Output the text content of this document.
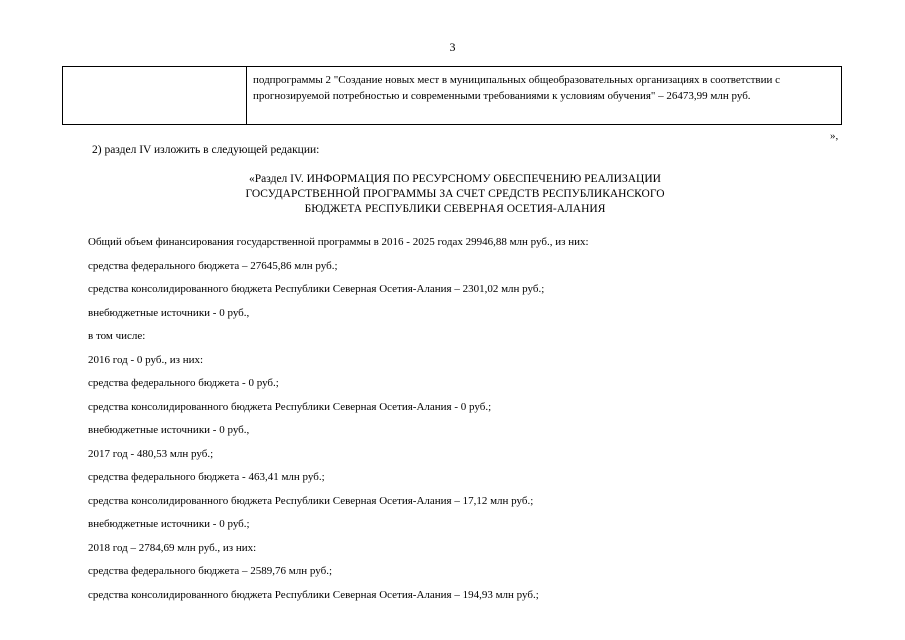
3
	подпрограммы 2 "Создание новых мест в муниципальных общеобразовательных организациях в соответствии с прогнозируемой потребностью и современными требованиями к условиям обучения" – 26473,99 млн руб.
»,
2) раздел IV изложить в следующей редакции:
«Раздел IV. ИНФОРМАЦИЯ ПО РЕСУРСНОМУ ОБЕСПЕЧЕНИЮ РЕАЛИЗАЦИИ
ГОСУДАРСТВЕННОЙ ПРОГРАММЫ ЗА СЧЕТ СРЕДСТВ РЕСПУБЛИКАНСКОГО
БЮДЖЕТА РЕСПУБЛИКИ СЕВЕРНАЯ ОСЕТИЯ-АЛАНИЯ
Общий объем финансирования государственной программы в 2016 - 2025 годах 29946,88 млн руб., из них:
средства федерального бюджета – 27645,86 млн руб.;
средства консолидированного бюджета Республики Северная Осетия-Алания – 2301,02 млн руб.;
внебюджетные источники - 0 руб.,
в том числе:
2016 год - 0 руб., из них:
средства федерального бюджета - 0 руб.;
средства консолидированного бюджета Республики Северная Осетия-Алания - 0 руб.;
внебюджетные источники - 0 руб.,
2017 год - 480,53 млн руб.;
средства федерального бюджета - 463,41 млн руб.;
средства консолидированного бюджета Республики Северная Осетия-Алания – 17,12 млн руб.;
внебюджетные источники - 0 руб.;
2018 год – 2784,69 млн руб., из них:
средства федерального бюджета – 2589,76 млн руб.;
средства консолидированного бюджета Республики Северная Осетия-Алания – 194,93 млн руб.;
